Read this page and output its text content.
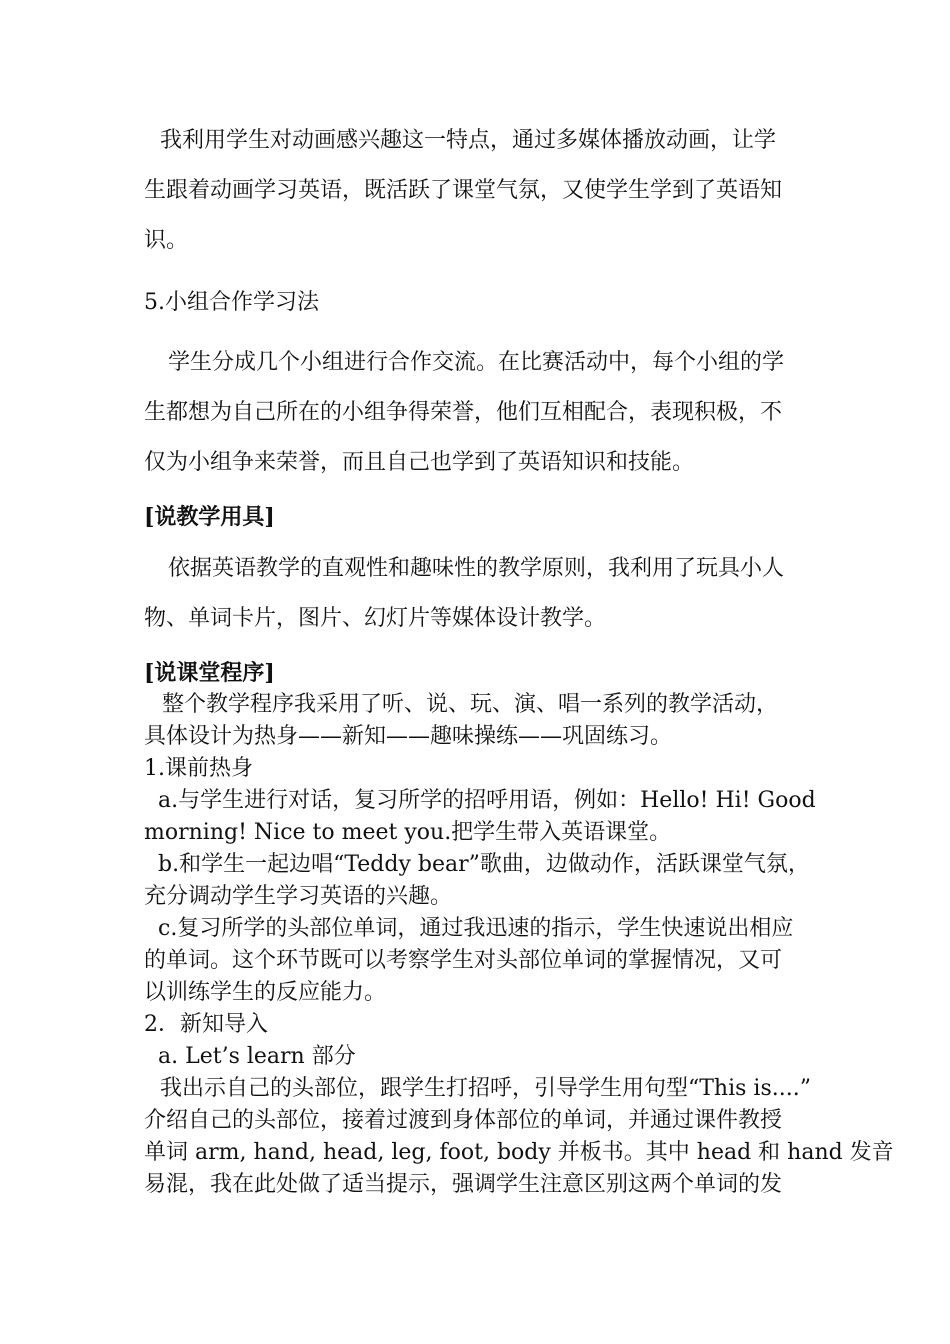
我利用学生对动画感兴趣这一特点，通过多媒体播放动画，让学
生跟着动画学习英语，既活跃了课堂气氛，又使学生学到了英语知
识。
5.小组合作学习法
学生分成几个小组进行合作交流。在比赛活动中，每个小组的学
生都想为自己所在的小组争得荣誉，他们互相配合，表现积极，不
仅为小组争来荣誉，而且自己也学到了英语知识和技能。
[说教学用具]
依据英语教学的直观性和趣味性的教学原则，我利用了玩具小人
物、单词卡片，图片、幻灯片等媒体设计教学。
[说课堂程序]
整个教学程序我采用了听、说、玩、演、唱一系列的教学活动，
具体设计为热身——新知——趣味操练——巩固练习。
1.课前热身
a.与学生进行对话，复习所学的招呼用语，例如：Hello! Hi! Good
morning! Nice to meet you.把学生带入英语课堂。
b.和学生一起边唱“Teddy bear”歌曲，边做动作，活跃课堂气氛，
充分调动学生学习英语的兴趣。
c.复习所学的头部位单词，通过我迅速的指示，学生快速说出相应
的单词。这个环节既可以考察学生对头部位单词的掌握情况，又可
以训练学生的反应能力。
2．新知导入
a. Let’s learn 部分
我出示自己的头部位，跟学生打招呼，引导学生用句型“This is....”
介绍自己的头部位，接着过渡到身体部位的单词，并通过课件教授
单词 arm, hand, head, leg, foot, body 并板书。其中 head 和 hand 发音
易混，我在此处做了适当提示，强调学生注意区别这两个单词的发
